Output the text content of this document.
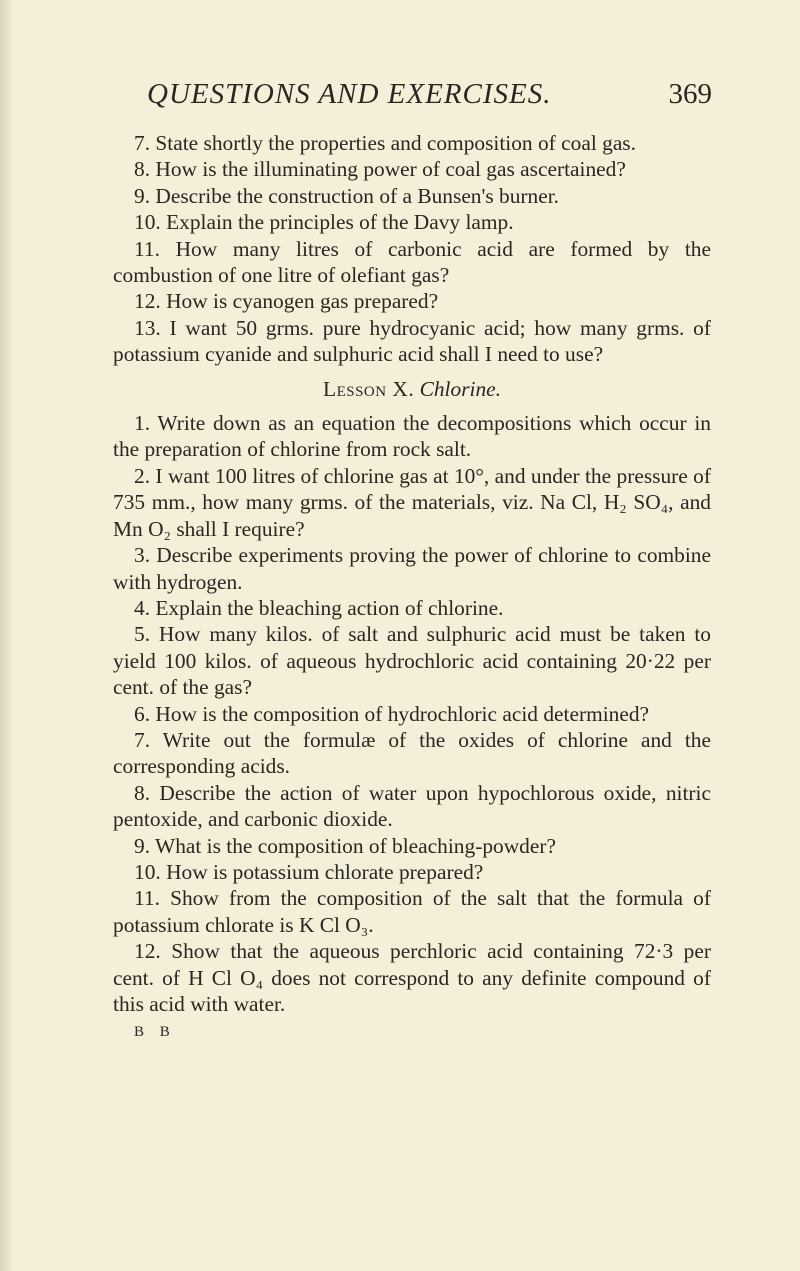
QUESTIONS AND EXERCISES.	369

7. State shortly the properties and composition of coal gas.

8. How is the illuminating power of coal gas ascertained?

9. Describe the construction of a Bunsen's burner.

10. Explain the principles of the Davy lamp.

11. How many litres of carbonic acid are formed by the combustion of one litre of olefiant gas?

12. How is cyanogen gas prepared?

13. I want 50 grms. pure hydrocyanic acid; how many grms. of potassium cyanide and sulphuric acid shall I need to use?

Lesson X. Chlorine.

1. Write down as an equation the decompositions which occur in the preparation of chlorine from rock salt.

2. I want 100 litres of chlorine gas at 10°, and under the pressure of 735 mm., how many grms. of the materials, viz. Na Cl, H₂ SO₄, and Mn O₂ shall I require?

3. Describe experiments proving the power of chlorine to combine with hydrogen.

4. Explain the bleaching action of chlorine.

5. How many kilos. of salt and sulphuric acid must be taken to yield 100 kilos. of aqueous hydrochloric acid containing 20·22 per cent. of the gas?

6. How is the composition of hydrochloric acid determined?

7. Write out the formulæ of the oxides of chlorine and the corresponding acids.

8. Describe the action of water upon hypochlorous oxide, nitric pentoxide, and carbonic dioxide.

9. What is the composition of bleaching-powder?

10. How is potassium chlorate prepared?

11. Show from the composition of the salt that the formula of potassium chlorate is K Cl O₃.

12. Show that the aqueous perchloric acid containing 72·3 per cent. of H Cl O₄ does not correspond to any definite compound of this acid with water.

B B
